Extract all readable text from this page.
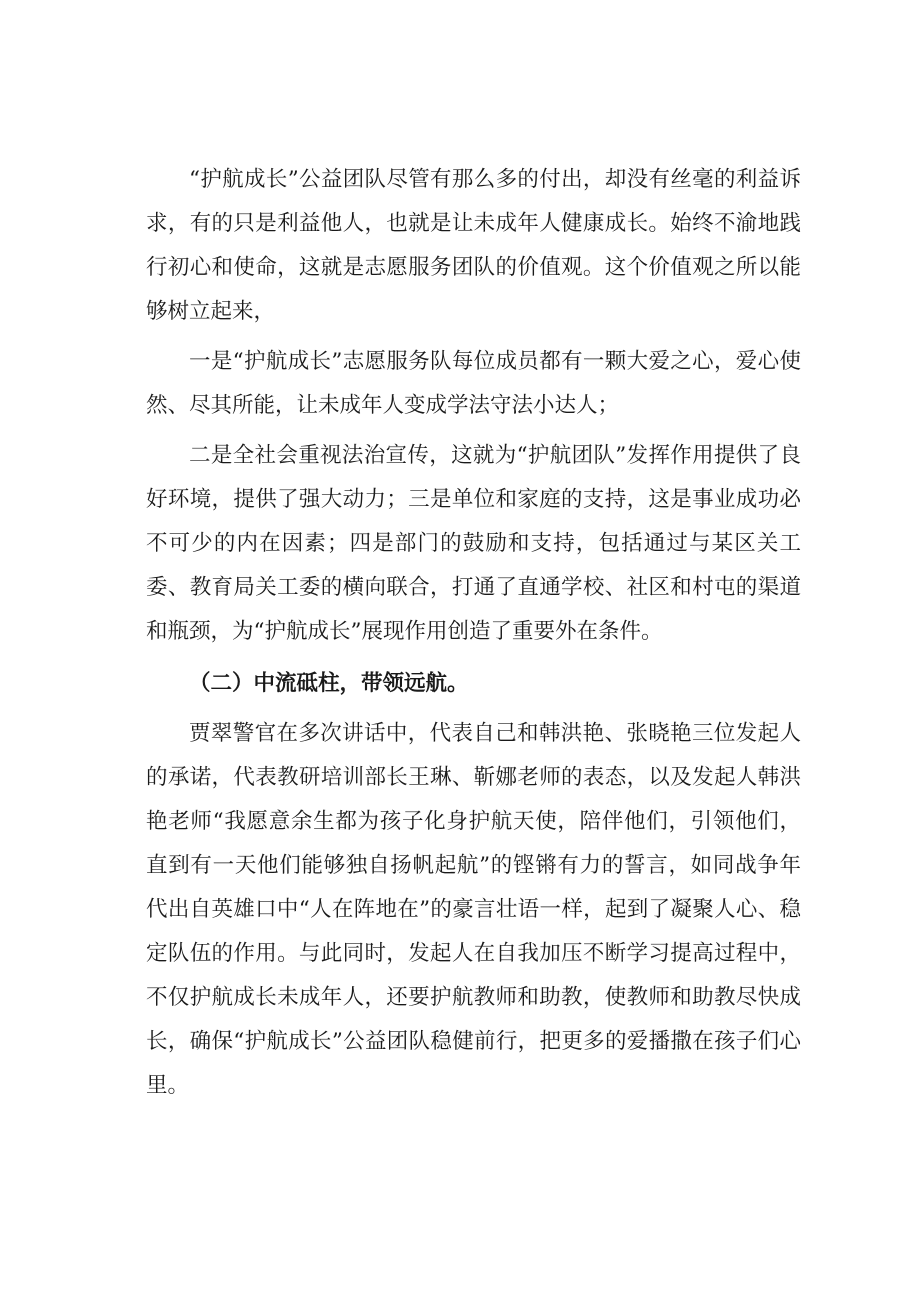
“护航成长”公益团队尽管有那么多的付出，却没有丝毫的利益诉求，有的只是利益他人，也就是让未成年人健康成长。始终不渝地践行初心和使命，这就是志愿服务团队的价值观。这个价值观之所以能够树立起来，

一是“护航成长”志愿服务队每位成员都有一颗大爱之心，爱心使然、尽其所能，让未成年人变成学法守法小达人；

二是全社会重视法治宣传，这就为“护航团队”发挥作用提供了良好环境，提供了强大动力；三是单位和家庭的支持，这是事业成功必不可少的内在因素；四是部门的鼓励和支持，包括通过与某区关工委、教育局关工委的横向联合，打通了直通学校、社区和村屯的渠道和瓶颈，为“护航成长”展现作用创造了重要外在条件。

（二）中流砥柱，带领远航。

贾翠警官在多次讲话中，代表自己和韩洪艳、张晓艳三位发起人的承诺，代表教研培训部长王琳、靳娜老师的表态，以及发起人韩洪艳老师“我愿意余生都为孩子化身护航天使，陪伴他们，引领他们，直到有一天他们能够独自扬帆起航”的铿锵有力的誓言，如同战争年代出自英雄口中“人在阵地在”的豪言壮语一样，起到了凝聚人心、稳定队伍的作用。与此同时，发起人在自我加压不断学习提高过程中，不仅护航成长未成年人，还要护航教师和助教，使教师和助教尽快成长，确保“护航成长”公益团队稳健前行，把更多的爱播撒在孩子们心里。
